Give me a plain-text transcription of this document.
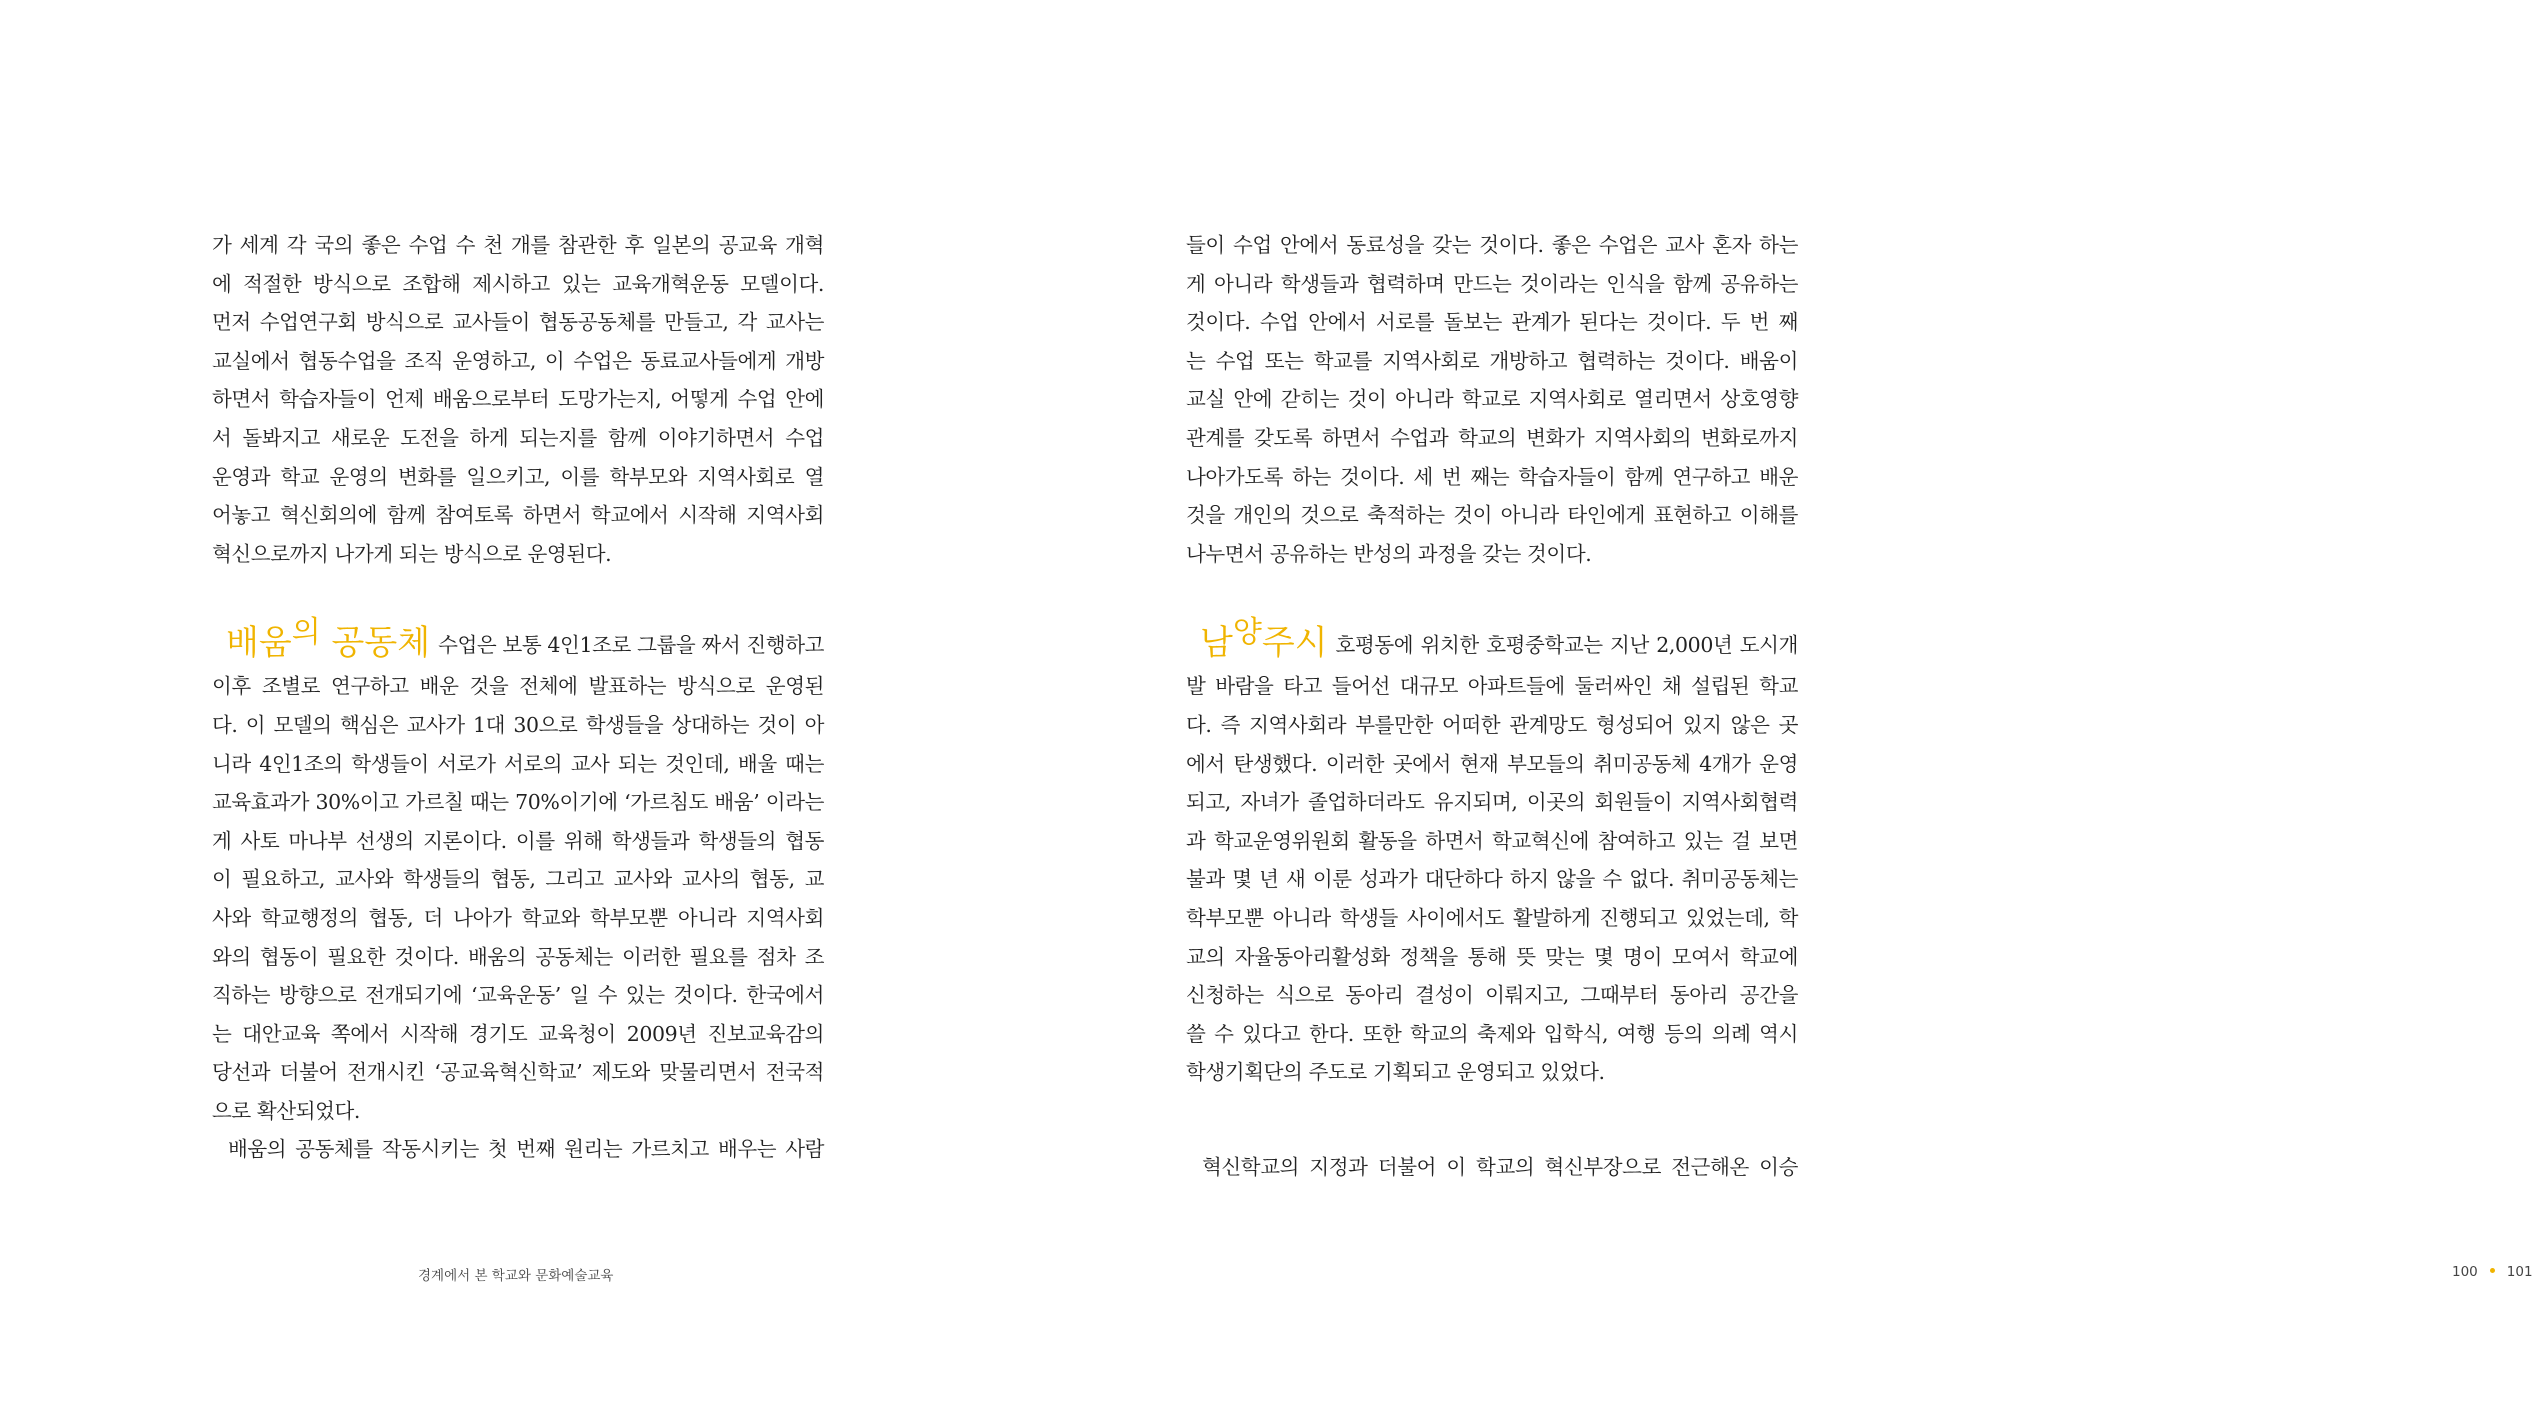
가 세계 각 국의 좋은 수업 수 천 개를 참관한 후 일본의 공교육 개혁
에 적절한 방식으로 조합해 제시하고 있는 교육개혁운동 모델이다.
먼저 수업연구회 방식으로 교사들이 협동공동체를 만들고, 각 교사는
교실에서 협동수업을 조직 운영하고, 이 수업은 동료교사들에게 개방
하면서 학습자들이 언제 배움으로부터 도망가는지, 어떻게 수업 안에
서 돌봐지고 새로운 도전을 하게 되는지를 함께 이야기하면서 수업
운영과 학교 운영의 변화를 일으키고, 이를 학부모와 지역사회로 열
어놓고 혁신회의에 함께 참여토록 하면서 학교에서 시작해 지역사회
혁신으로까지 나가게 되는 방식으로 운영된다.
배움의 공동체 수업은 보통 4인1조로 그룹을 짜서 진행하고
이후 조별로 연구하고 배운 것을 전체에 발표하는 방식으로 운영된
다. 이 모델의 핵심은 교사가 1대 30으로 학생들을 상대하는 것이 아
니라 4인1조의 학생들이 서로가 서로의 교사 되는 것인데, 배울 때는
교육효과가 30%이고 가르칠 때는 70%이기에 ‘가르침도 배움’ 이라는
게 사토 마나부 선생의 지론이다. 이를 위해 학생들과 학생들의 협동
이 필요하고, 교사와 학생들의 협동, 그리고 교사와 교사의 협동, 교
사와 학교행정의 협동, 더 나아가 학교와 학부모뿐 아니라 지역사회
와의 협동이 필요한 것이다. 배움의 공동체는 이러한 필요를 점차 조
직하는 방향으로 전개되기에 ‘교육운동’ 일 수 있는 것이다. 한국에서
는 대안교육 쪽에서 시작해 경기도 교육청이 2009년 진보교육감의
당선과 더불어 전개시킨 ‘공교육혁신학교’ 제도와 맞물리면서 전국적
으로 확산되었다.
배움의 공동체를 작동시키는 첫 번째 원리는 가르치고 배우는 사람
경계에서 본 학교와 문화예술교육
들이 수업 안에서 동료성을 갖는 것이다. 좋은 수업은 교사 혼자 하는
게 아니라 학생들과 협력하며 만드는 것이라는 인식을 함께 공유하는
것이다. 수업 안에서 서로를 돌보는 관계가 된다는 것이다. 두 번 째
는 수업 또는 학교를 지역사회로 개방하고 협력하는 것이다. 배움이
교실 안에 갇히는 것이 아니라 학교로 지역사회로 열리면서 상호영향
관계를 갖도록 하면서 수업과 학교의 변화가 지역사회의 변화로까지
나아가도록 하는 것이다. 세 번 째는 학습자들이 함께 연구하고 배운
것을 개인의 것으로 축적하는 것이 아니라 타인에게 표현하고 이해를
나누면서 공유하는 반성의 과정을 갖는 것이다.
남양주시 호평동에 위치한 호평중학교는 지난 2,000년 도시개
발 바람을 타고 들어선 대규모 아파트들에 둘러싸인 채 설립된 학교
다. 즉 지역사회라 부를만한 어떠한 관계망도 형성되어 있지 않은 곳
에서 탄생했다. 이러한 곳에서 현재 부모들의 취미공동체 4개가 운영
되고, 자녀가 졸업하더라도 유지되며, 이곳의 회원들이 지역사회협력
과 학교운영위원회 활동을 하면서 학교혁신에 참여하고 있는 걸 보면
불과 몇 년 새 이룬 성과가 대단하다 하지 않을 수 없다. 취미공동체는
학부모뿐 아니라 학생들 사이에서도 활발하게 진행되고 있었는데, 학
교의 자율동아리활성화 정책을 통해 뜻 맞는 몇 명이 모여서 학교에
신청하는 식으로 동아리 결성이 이뤄지고, 그때부터 동아리 공간을
쓸 수 있다고 한다. 또한 학교의 축제와 입학식, 여행 등의 의례 역시
학생기획단의 주도로 기획되고 운영되고 있었다.
혁신학교의 지정과 더불어 이 학교의 혁신부장으로 전근해온 이승
100 101
